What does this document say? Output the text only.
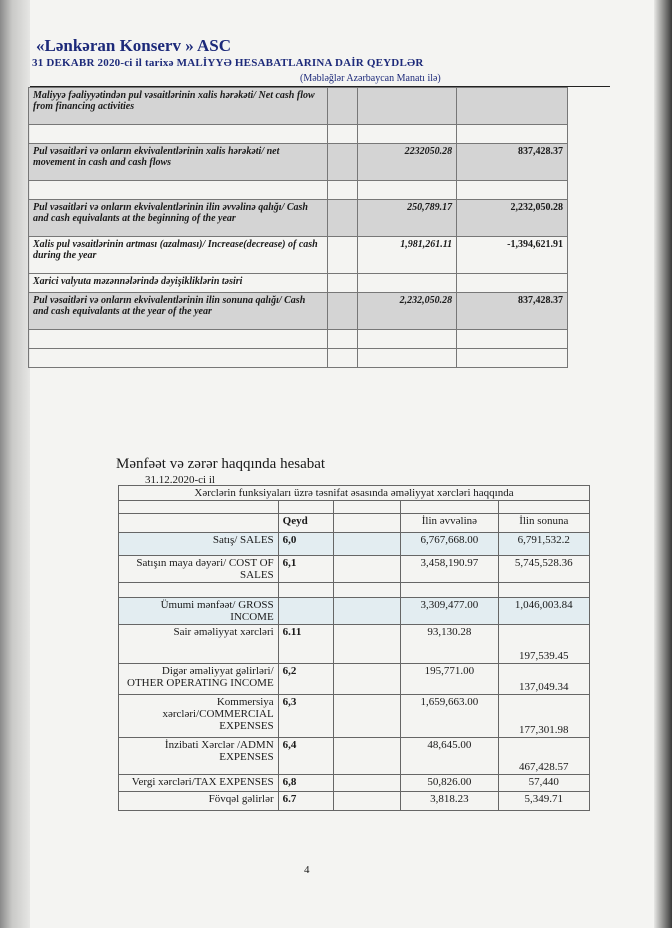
«Lənkəran Konserv » ASC
31 DEKABR 2020-ci il tarixə MALİYYƏ HESABATLARINA DAİR QEYDLƏR
(Məbləğlər Azərbaycan Manatı ilə)
Maliyyə fəaliyyətindən pul vəsaitlərinin xalis hərəkəti/ Net cash flow from financing activities			

Pul vəsaitləri və onların ekvivalentlərinin xalis hərəkəti/ net movement in cash and cash flows		2232050.28	837,428.37

Pul vəsaitləri və onların ekvivalentlərinin ilin əvvəlinə qalığı/ Cash and cash equivalants at the beginning of the year		250,789.17	2,232,050.28
Xalis pul vəsaitlərinin artması (azalması)/ Increase(decrease) of cash during the year		1,981,261.11	-1,394,621.91
Xarici valyuta məzənnələrində dəyişikliklərin təsiri			
Pul vəsaitləri və onların ekvivalentlərinin ilin sonuna qalığı/ Cash and cash equivalants at the year of the year		2,232,050.28	837,428.37

Mənfəət və zərər haqqında hesabat
31.12.2020-ci il
Xərclərin funksiyaları üzrə təsnifat əsasında əməliyyat xərcləri haqqında				

	Qeyd		İlin əvvəlinə	İlin sonuna
Satış/ SALES	6,0		6,767,668.00	6,791,532.2
Satışın maya dəyəri/ COST OF SALES	6,1		3,458,190.97	5,745,528.36

Ümumi mənfəət/ GROSS INCOME			3,309,477.00	1,046,003.84
Sair əməliyyat xərcləri	6.11		93,130.28	197,539.45
Digər əməliyyat gəlirləri/ OTHER OPERATING INCOME	6,2		195,771.00	137,049.34
Kommersiya xərcləri/COMMERCIAL EXPENSES	6,3		1,659,663.00	177,301.98
İnzibati Xərclər /ADMN EXPENSES	6,4		48,645.00	467,428.57
Vergi xərcləri/TAX EXPENSES	6,8		50,826.00	57,440
Fövqəl gəlirlər	6.7		3,818.23	5,349.71
4
